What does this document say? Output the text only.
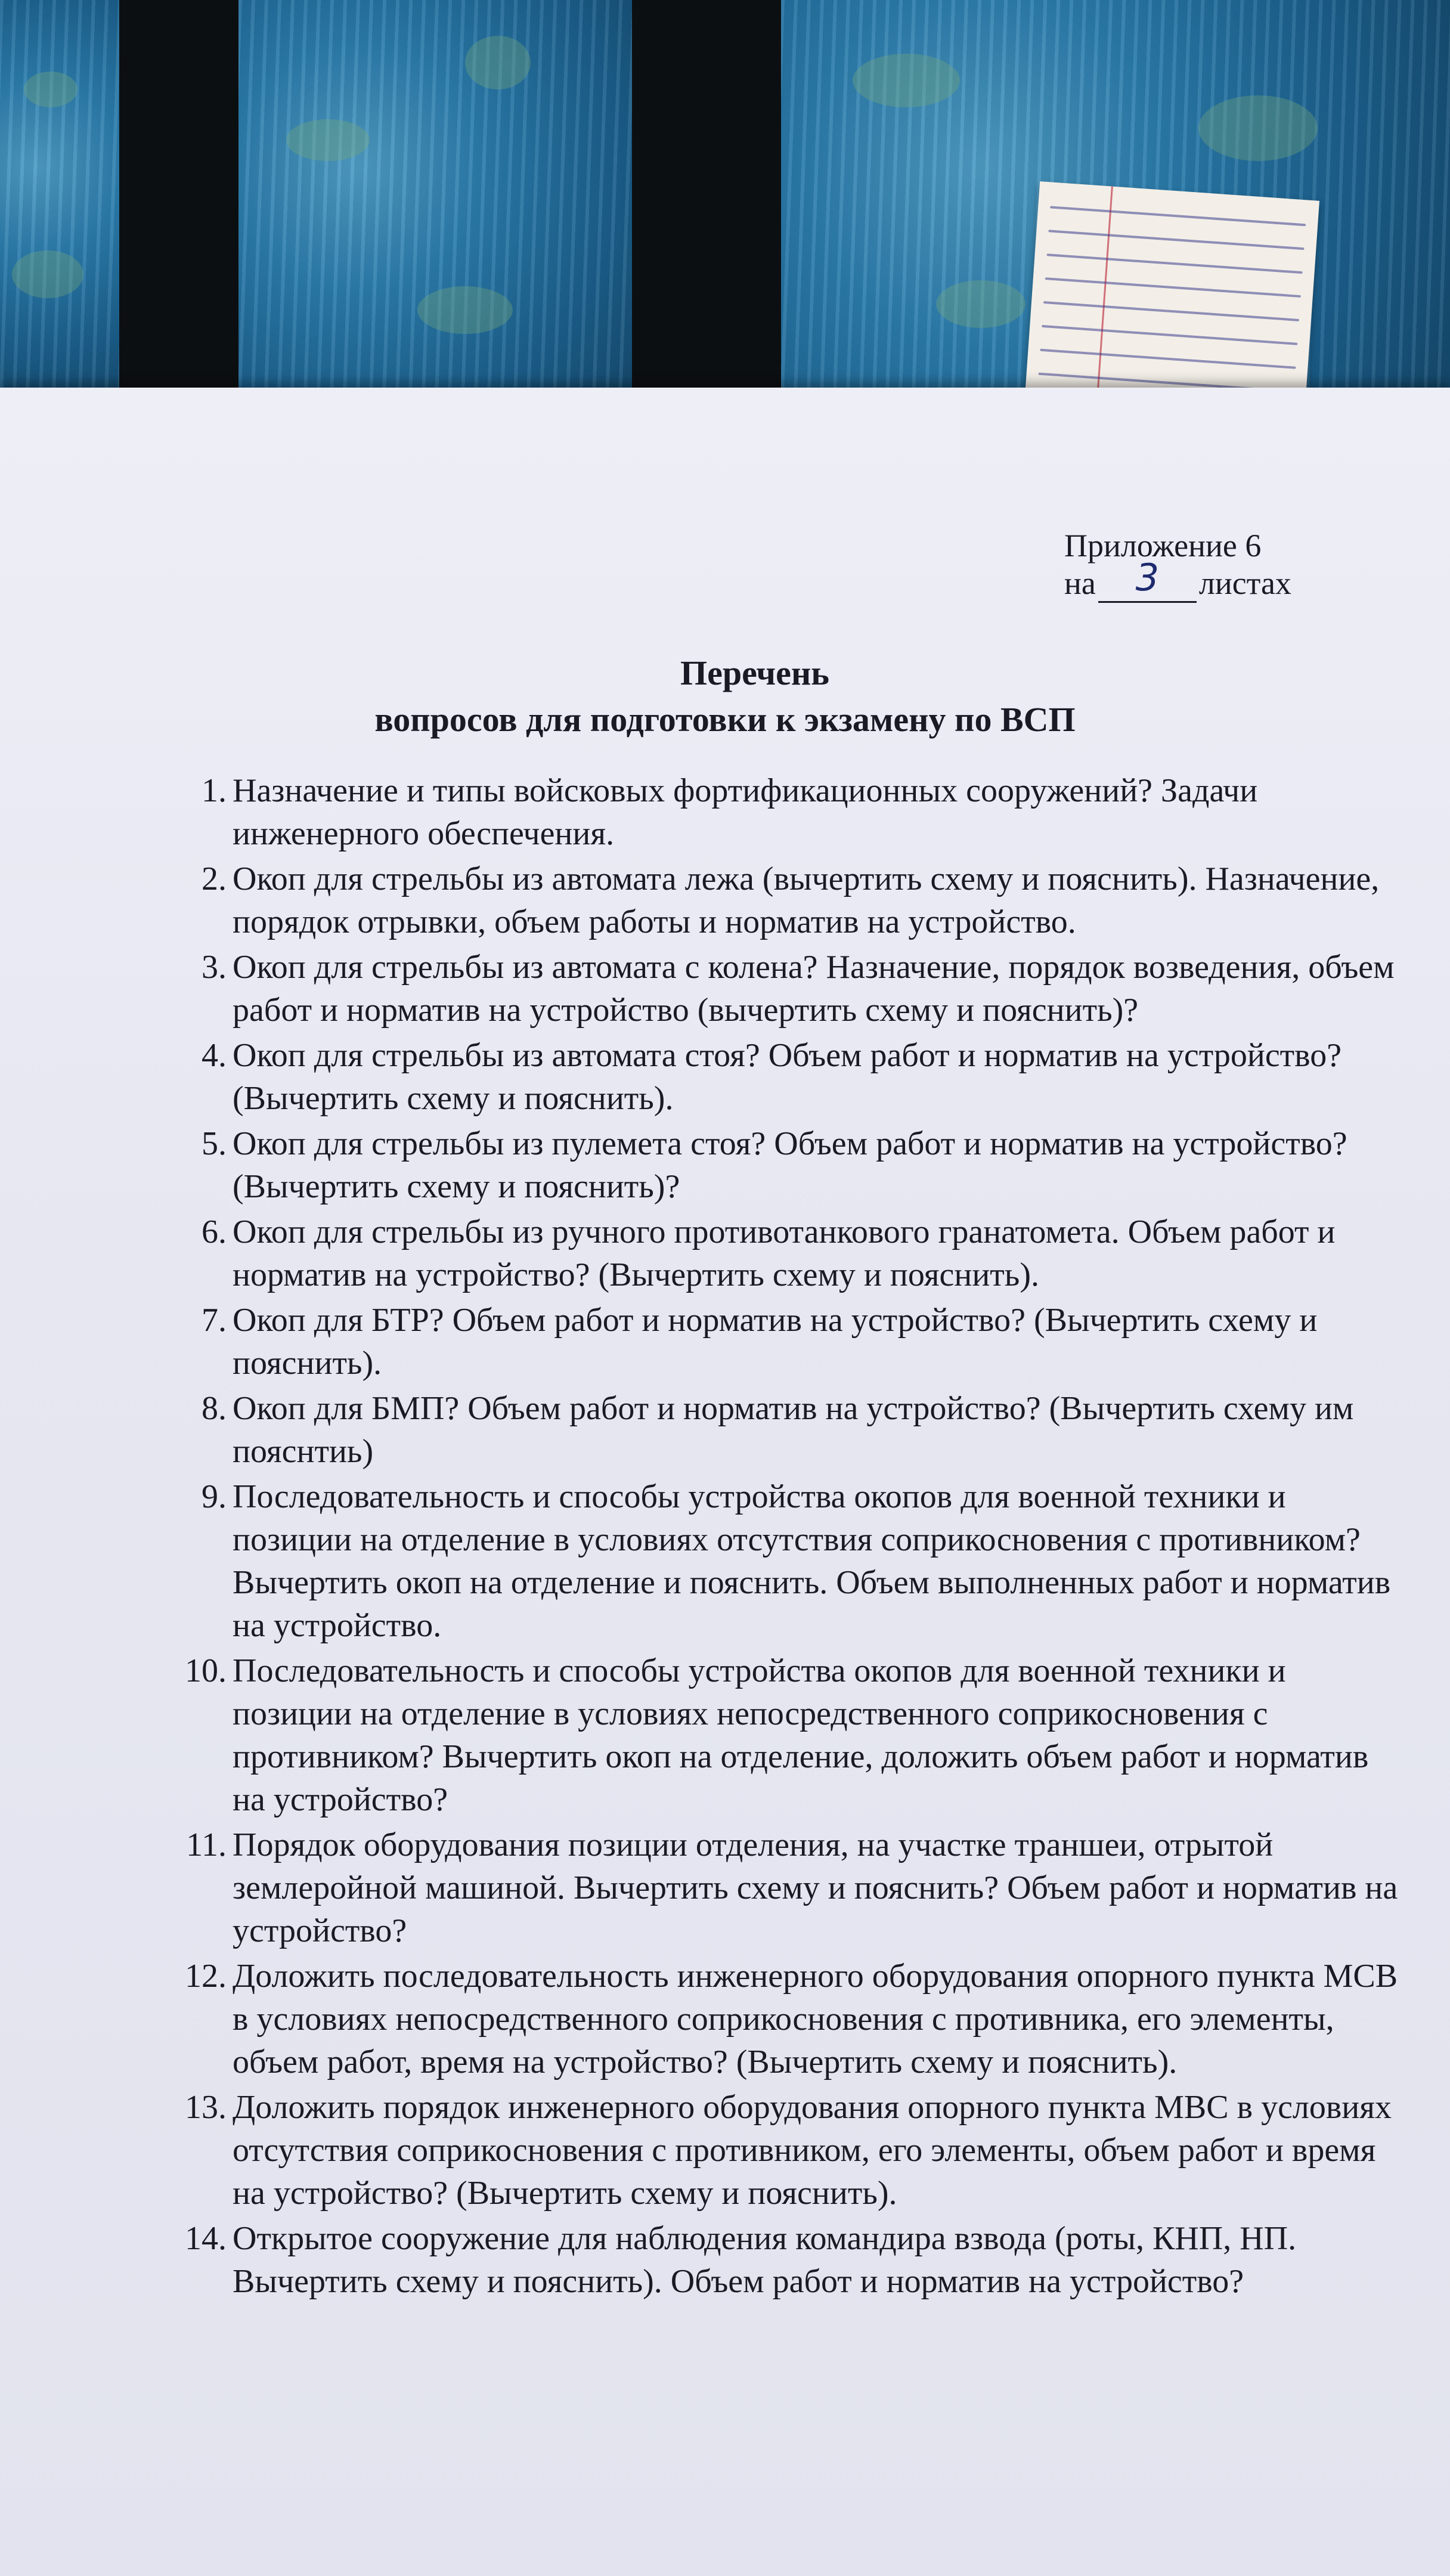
Приложение 6
на	3	листах
Перечень
вопросов для подготовки к экзамену по ВСП
1. Назначение и типы войсковых фортификационных сооружений? Задачи инженерного обеспечения.
2. Окоп для стрельбы из автомата лежа (вычертить схему и пояснить). Назначение, порядок отрывки, объем работы и норматив на устройство.
3. Окоп для стрельбы из автомата с колена? Назначение, порядок возведения, объем работ и норматив на устройство (вычертить схему и пояснить)?
4. Окоп для стрельбы из автомата стоя? Объем работ и норматив на устройство? (Вычертить схему и пояснить).
5. Окоп для стрельбы из пулемета стоя? Объем работ и норматив на устройство? (Вычертить схему и пояснить)?
6. Окоп для стрельбы из ручного противотанкового гранатомета. Объем работ и норматив на устройство? (Вычертить схему и пояснить).
7. Окоп для БТР? Объем работ и норматив на устройство? (Вычертить схему и пояснить).
8. Окоп для БМП? Объем работ и норматив на устройство? (Вычертить схему им пояснтиь)
9. Последовательность и способы устройства окопов для военной техники и позиции на отделение в условиях отсутствия соприкосновения с противником? Вычертить окоп на отделение и пояснить. Объем выполненных работ и норматив на устройство.
10. Последовательность и способы устройства окопов для военной техники и позиции на отделение в условиях непосредственного соприкосновения с противником? Вычертить окоп на отделение, доложить объем работ и норматив на устройство?
11. Порядок оборудования позиции отделения, на участке траншеи, отрытой землеройной машиной. Вычертить схему и пояснить? Объем работ и норматив на устройство?
12. Доложить последовательность инженерного оборудования опорного пункта МСВ в условиях непосредственного соприкосновения с противника, его элементы, объем работ, время на устройство? (Вычертить схему и пояснить).
13. Доложить порядок инженерного оборудования опорного пункта МВС в условиях отсутствия соприкосновения с противником, его элементы, объем работ и время на устройство? (Вычертить схему и пояснить).
14. Открытое сооружение для наблюдения командира взвода (роты, КНП, НП. Вычертить схему и пояснить). Объем работ и норматив на устройство?
